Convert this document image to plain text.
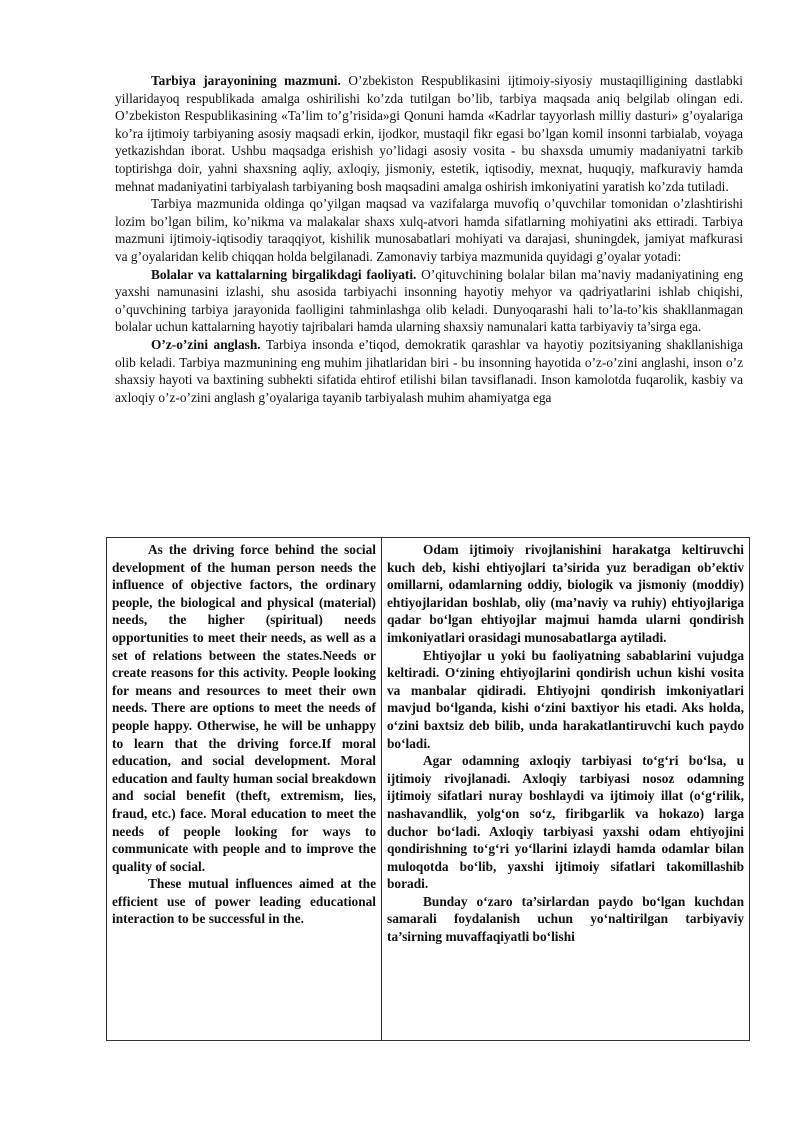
Tarbiya jarayonining mazmuni. O’zbekiston Respublikasini ijtimoiy-siyosiy mustaqilligining dastlabki yillaridayoq respublikada amalga oshirilishi ko’zda tutilgan bo’lib, tarbiya maqsada aniq belgilab olingan edi. O’zbekiston Respublikasining «Ta’lim to’g’risida»gi Qonuni hamda «Kadrlar tayyorlash milliy dasturi» g’oyalariga ko’ra ijtimoiy tarbiyaning asosiy maqsadi erkin, ijodkor, mustaqil fikr egasi bo’lgan komil insonni tarbialab, voyaga yetkazishdan iborat. Ushbu maqsadga erishish yo’lidagi asosiy vosita - bu shaxsda umumiy madaniyatni tarkib toptirishga doir, yahni shaxsning aqliy, axloqiy, jismoniy, estetik, iqtisodiy, mexnat, huquqiy, mafkuraviy hamda mehnat madaniyatini tarbiyalash tarbiyaning bosh maqsadini amalga oshirish imkoniyatini yaratish ko’zda tutiladi.

Tarbiya mazmunida oldinga qo’yilgan maqsad va vazifalarga muvofiq o’quvchilar tomonidan o’zlashtirishi lozim bo’lgan bilim, ko’nikma va malakalar shaxs xulq-atvori hamda sifatlarning mohiyatini aks ettiradi. Tarbiya mazmuni ijtimoiy-iqtisodiy taraqqiyot, kishilik munosabatlari mohiyati va darajasi, shuningdek, jamiyat mafkurasi va g’oyalaridan kelib chiqqan holda belgilanadi. Zamonaviy tarbiya mazmunida quyidagi g’oyalar yotadi:

Bolalar va kattalarning birgalikdagi faoliyati. O’qituvchining bolalar bilan ma’naviy madaniyatining eng yaxshi namunasini izlashi, shu asosida tarbiyachi insonning hayotiy mehyor va qadriyatlarini ishlab chiqishi, o’quvchining tarbiya jarayonida faolligini tahminlashga olib keladi. Dunyoqarashi hali to’la-to’kis shakllanmagan bolalar uchun kattalarning hayotiy tajribalari hamda ularning shaxsiy namunalari katta tarbiyaviy ta’sirga ega.

O’z-o’zini anglash. Tarbiya insonda e’tiqod, demokratik qarashlar va hayotiy pozitsiyaning shakllanishiga olib keladi. Tarbiya mazmunining eng muhim jihatlaridan biri - bu insonning hayotida o’z-o’zini anglashi, inson o’z shaxsiy hayoti va baxtining subhekti sifatida ehtirof etilishi bilan tavsiflanadi. Inson kamolotda fuqarolik, kasbiy va axloqiy o’z-o’zini anglash g’oyalariga tayanib tarbiyalash muhim ahamiyatga ega

As the driving force behind the social development of the human person needs the influence of objective factors, the ordinary people, the biological and physical (material) needs, the higher (spiritual) needs opportunities to meet their needs, as well as a set of relations between the states.Needs or create reasons for this activity. People looking for means and resources to meet their own needs. There are options to meet the needs of people happy. Otherwise, he will be unhappy to learn that the driving force.If moral education, and social development. Moral education and faulty human social breakdown and social benefit (theft, extremism, lies, fraud, etc.) face. Moral education to meet the needs of people looking for ways to communicate with people and to improve the quality of social.

These mutual influences aimed at the efficient use of power leading educational interaction to be successful in the.

Odam ijtimoiy rivojlanishini harakatga keltiruvchi kuch deb, kishi ehtiyojlari ta’sirida yuz beradigan ob’ektiv omillarni, odamlarning oddiy, biologik va jismoniy (moddiy) ehtiyojlaridan boshlab, oliy (ma’naviy va ruhiy) ehtiyojlariga qadar bo‘lgan ehtiyojlar majmui hamda ularni qondirish imkoniyatlari orasidagi munosabatlarga aytiladi.

Ehtiyojlar u yoki bu faoliyatning sabablarini vujudga keltiradi. O‘zining ehtiyojlarini qondirish uchun kishi vosita va manbalar qidiradi. Ehtiyojni qondirish imkoniyatlari mavjud bo‘lganda, kishi o‘zini baxtiyor his etadi. Aks holda, o‘zini baxtsiz deb bilib, unda harakatlantiruvchi kuch paydo bo‘ladi.

Agar odamning axloqiy tarbiyasi to‘g‘ri bo‘lsa, u ijtimoiy rivojlanadi. Axloqiy tarbiyasi nosoz odamning ijtimoiy sifatlari nuray boshlaydi va ijtimoiy illat (o‘g‘rilik, nashavandlik, yolg‘on so‘z, firibgarlik va hokazo) larga duchor bo‘ladi. Axloqiy tarbiyasi yaxshi odam ehtiyojini qondirishning to‘g‘ri yo‘llarini izlaydi hamda odamlar bilan muloqotda bo‘lib, yaxshi ijtimoiy sifatlari takomillashib boradi.

Bunday o‘zaro ta’sirlardan paydo bo‘lgan kuchdan samarali foydalanish uchun yo‘naltirilgan tarbiyaviy ta’sirning muvaffaqiyatli bo‘lishi
